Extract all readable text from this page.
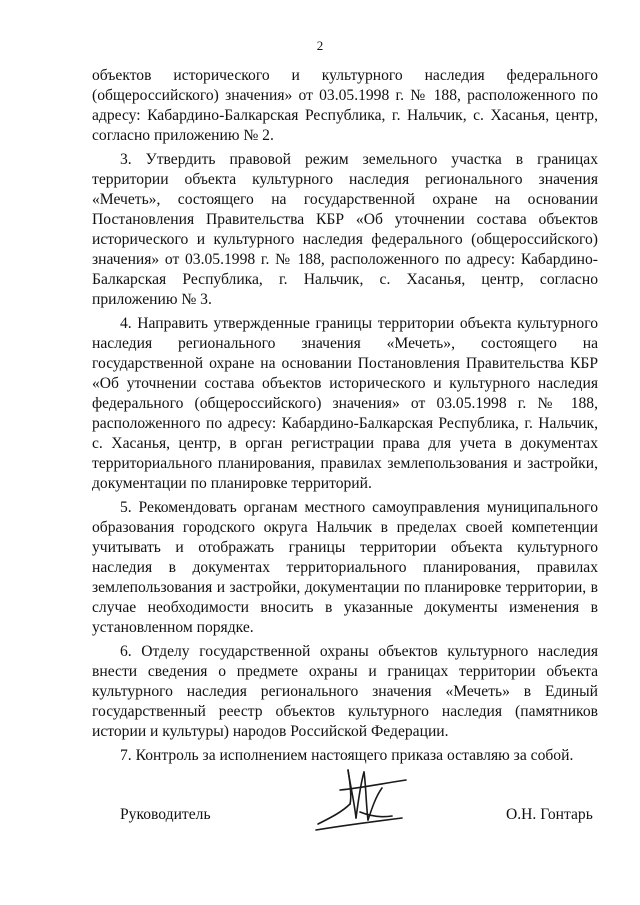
2

объектов исторического и культурного наследия федерального (общероссийского) значения» от 03.05.1998 г. № 188, расположенного по адресу: Кабардино-Балкарская Республика, г. Нальчик, с. Хасанья, центр, согласно приложению № 2.

3. Утвердить правовой режим земельного участка в границах территории объекта культурного наследия регионального значения «Мечеть», состоящего на государственной охране на основании Постановления Правительства КБР «Об уточнении состава объектов исторического и культурного наследия федерального (общероссийского) значения» от 03.05.1998 г. № 188, расположенного по адресу: Кабардино-Балкарская Республика, г. Нальчик, с. Хасанья, центр, согласно приложению № 3.

4. Направить утвержденные границы территории объекта культурного наследия регионального значения «Мечеть», состоящего на государственной охране на основании Постановления Правительства КБР «Об уточнении состава объектов исторического и культурного наследия федерального (общероссийского) значения» от 03.05.1998 г. № 188, расположенного по адресу: Кабардино-Балкарская Республика, г. Нальчик, с. Хасанья, центр, в орган регистрации права для учета в документах территориального планирования, правилах землепользования и застройки, документации по планировке территорий.

5. Рекомендовать органам местного самоуправления муниципального образования городского округа Нальчик в пределах своей компетенции учитывать и отображать границы территории объекта культурного наследия в документах территориального планирования, правилах землепользования и застройки, документации по планировке территории, в случае необходимости вносить в указанные документы изменения в установленном порядке.

6. Отделу государственной охраны объектов культурного наследия внести сведения о предмете охраны и границах территории объекта культурного наследия регионального значения «Мечеть» в Единый государственный реестр объектов культурного наследия (памятников истории и культуры) народов Российской Федерации.

7. Контроль за исполнением настоящего приказа оставляю за собой.

Руководитель	О.Н. Гонтарь
